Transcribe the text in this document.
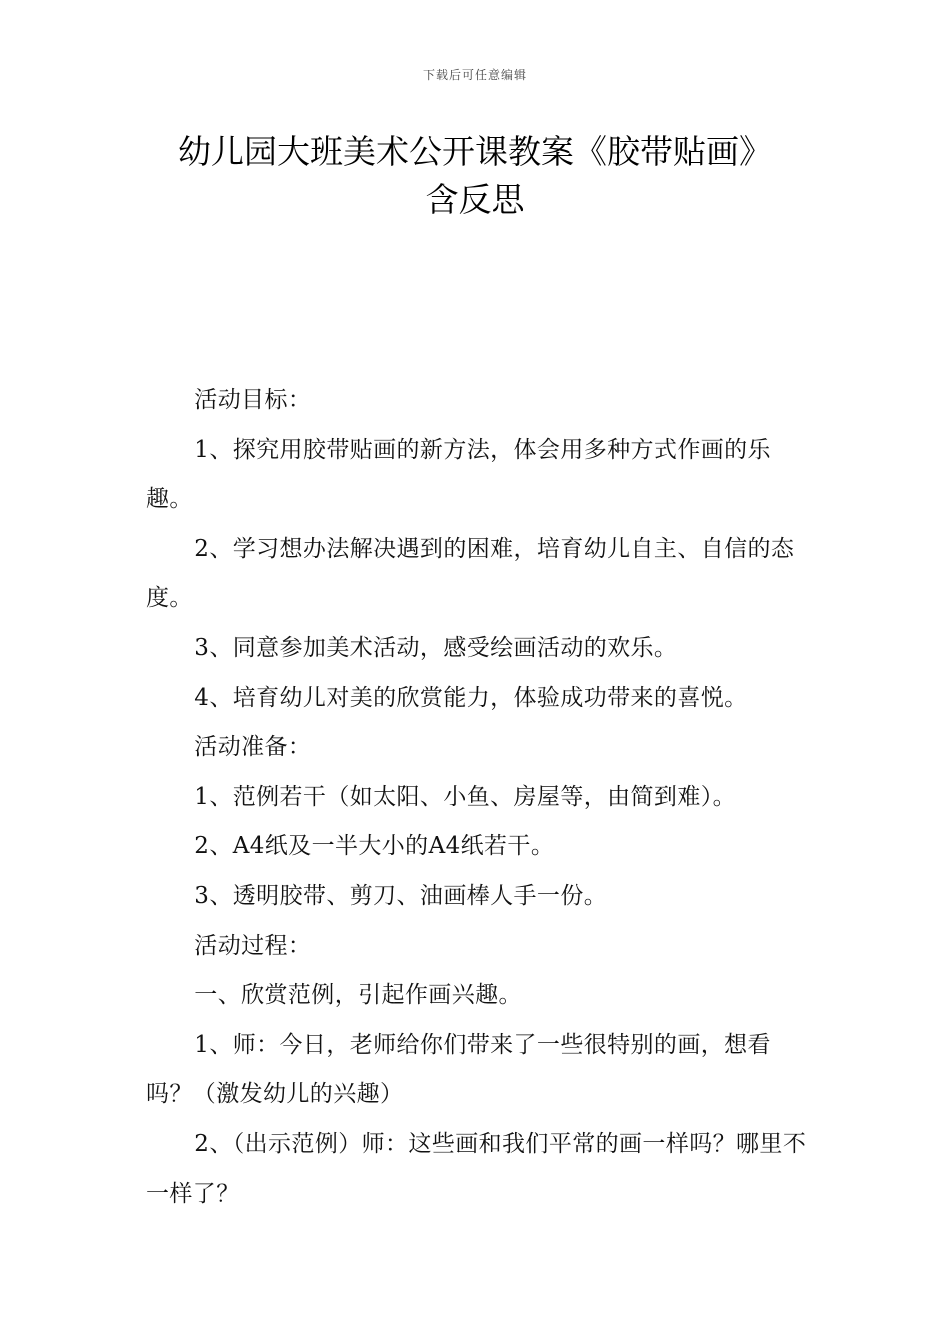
下载后可任意编辑
幼儿园大班美术公开课教案《胶带贴画》
含反思

活动目标：

1、探究用胶带贴画的新方法，体会用多种方式作画的乐趣。

2、学习想办法解决遇到的困难，培育幼儿自主、自信的态度。

3、同意参加美术活动，感受绘画活动的欢乐。

4、培育幼儿对美的欣赏能力，体验成功带来的喜悦。

活动准备：

1、范例若干（如太阳、小鱼、房屋等，由简到难）。

2、A4纸及一半大小的A4纸若干。

3、透明胶带、剪刀、油画棒人手一份。

活动过程：

一、欣赏范例，引起作画兴趣。

1、师：今日，老师给你们带来了一些很特别的画，想看吗？（激发幼儿的兴趣）

2、（出示范例）师：这些画和我们平常的画一样吗？哪里不一样了？
